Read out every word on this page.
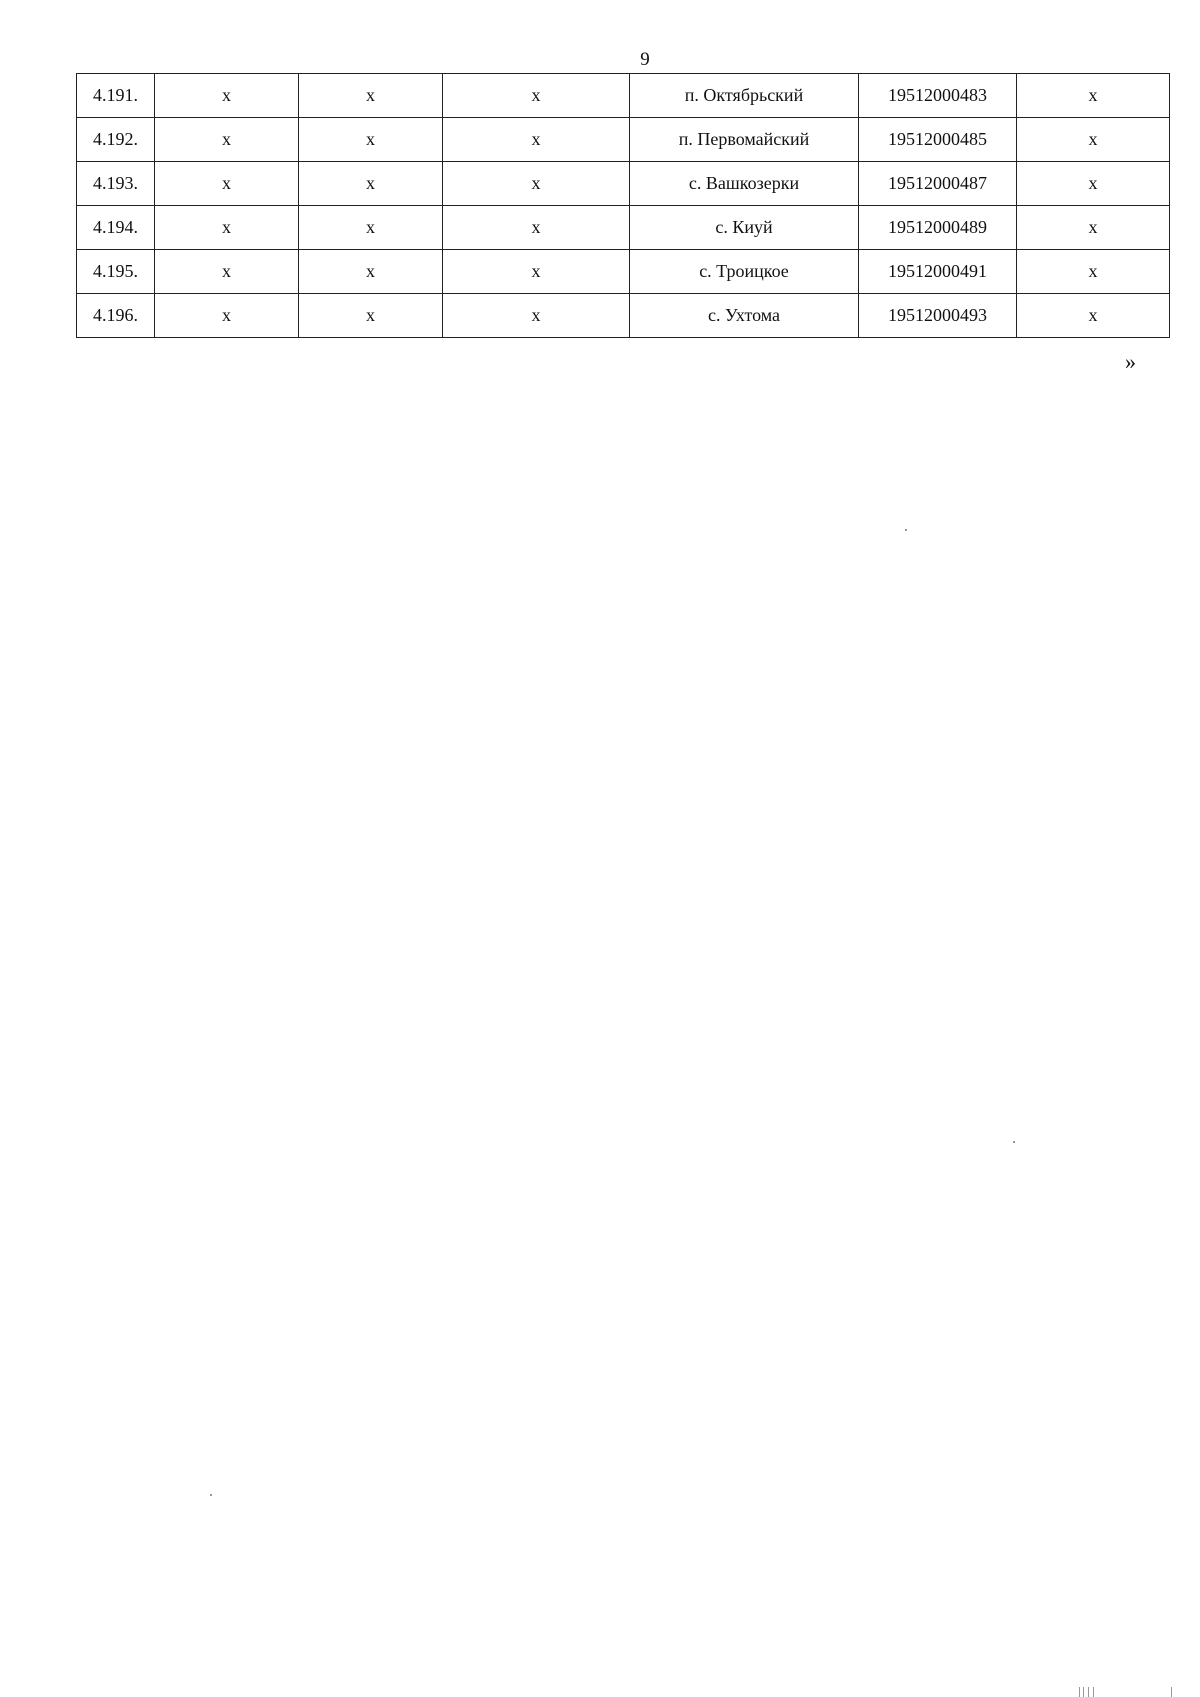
9
4.191.	x	x	x	п. Октябрьский	19512000483	x
4.192.	x	x	x	п. Первомайский	19512000485	x
4.193.	x	x	x	с. Вашкозерки	19512000487	x
4.194.	x	x	x	с. Киуй	19512000489	x
4.195.	x	x	x	с. Троицкое	19512000491	x
4.196.	x	x	x	с. Ухтома	19512000493	x
»
